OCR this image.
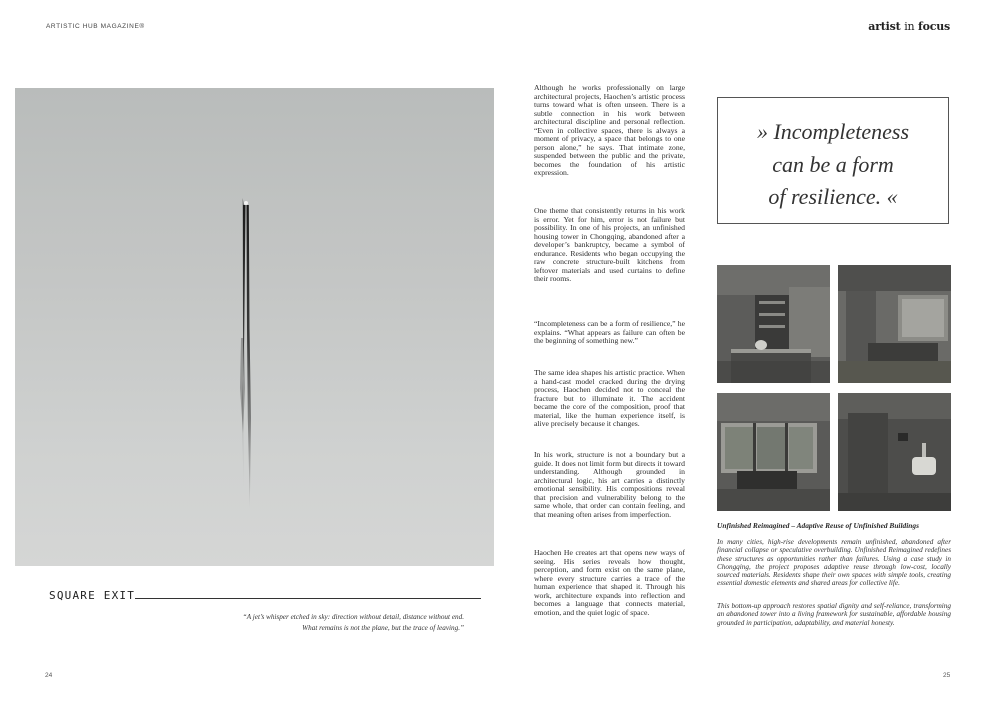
ARTISTIC HUB MAGAZINE®	artist in focus
SQUARE EXIT
“A jet’s whisper etched in sky: direction without detail, distance without end.
What remains is not the plane, but the trace of leaving.”
24

Although he works professionally on large architectural projects, Haochen’s artistic process turns toward what is often unseen. There is a subtle connection in his work between architectural discipline and personal reflection. “Even in collective spaces, there is always a moment of privacy, a space that belongs to one person alone,” he says. That intimate zone, suspended between the public and the private, becomes the foundation of his artistic expression.

One theme that consistently returns in his work is error. Yet for him, error is not failure but possibility. In one of his projects, an unfinished housing tower in Chongqing, abandoned after a developer’s bankruptcy, became a symbol of endurance. Residents who began occupying the raw concrete structure-built kitchens from leftover materials and used curtains to define their rooms.

“Incompleteness can be a form of resilience,” he explains. “What appears as failure can often be the beginning of something new.”

The same idea shapes his artistic practice. When a hand-cast model cracked during the drying process, Haochen decided not to conceal the fracture but to illuminate it. The accident became the core of the composition, proof that material, like the human experience itself, is alive precisely because it changes.

In his work, structure is not a boundary but a guide. It does not limit form but directs it toward understanding. Although grounded in architectural logic, his art carries a distinctly emotional sensibility. His compositions reveal that precision and vulnerability belong to the same whole, that order can contain feeling, and that meaning often arises from imperfection.

Haochen He creates art that opens new ways of seeing. His series reveals how thought, perception, and form exist on the same plane, where every structure carries a trace of the human experience that shaped it. Through his work, architecture expands into reflection and becomes a language that connects material, emotion, and the quiet logic of space.

» Incompleteness
can be a form
of resilience. «
Unfinished Reimagined – Adaptive Reuse of Unfinished Buildings

In many cities, high-rise developments remain unfinished, abandoned after financial collapse or speculative overbuilding. Unfinished Reimagined redefines these structures as opportunities rather than failures. Using a case study in Chongqing, the project proposes adaptive reuse through low-cost, locally sourced materials. Residents shape their own spaces with simple tools, creating essential domestic elements and shared areas for collective life.

This bottom-up approach restores spatial dignity and self-reliance, transforming an abandoned tower into a living framework for sustainable, affordable housing grounded in participation, adaptability, and material honesty.

25
